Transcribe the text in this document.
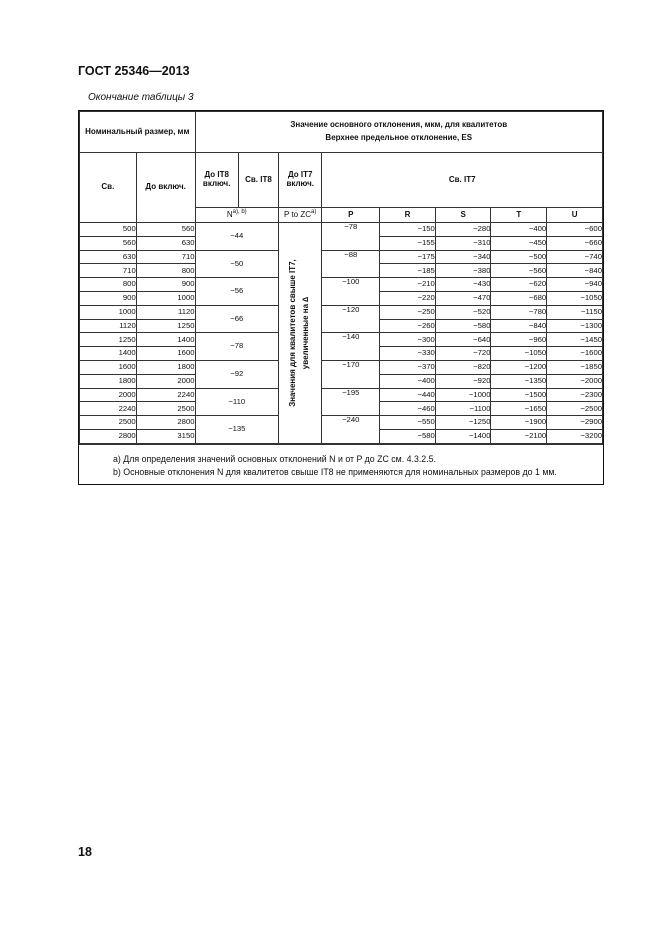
ГОСТ 25346—2013
Окончание таблицы 3
Номинальный размер, мм		Значение основного отклонения, мкм, для квалитетов
Верхнее предельное отклонение, ES							

Св.	До включ.	До IT8 включ.	Св. IT8	До IT7 включ.	Св. IT7				
		$N^{a), b)}$		P to ZC$^{a)}$	P	R	S	T	U
500	560	−44		Значения для квалитетов свыше IT7, увеличенные на ∆	−78	−150	−280	−400	−600
560	630					−155	−310	−450	−660
630	710	−50			−88	−175	−340	−500	−740
710	800					−185	−380	−560	−840
800	900	−56			−100	−210	−430	−620	−940
900	1000					−220	−470	−680	−1050
1000	1120	−66			−120	−250	−520	−780	−1150
1120	1250					−260	−580	−840	−1300
1250	1400	−78			−140	−300	−640	−960	−1450
1400	1600					−330	−720	−1050	−1600
1600	1800	−92			−170	−370	−820	−1200	−1850
1800	2000					−400	−920	−1350	−2000
2000	2240	−110			−195	−440	−1000	−1500	−2300
2240	2500					−460	−1100	−1650	−2500
2500	2800	−135			−240	−550	−1250	−1900	−2900
2800	3150					−580	−1400	−2100	−3200

a) Для определения значений основных отклонений N и от P до ZC см. 4.3.2.5.

b) Основные отклонения N для квалитетов свыше IT8 не применяются для номинальных размеров до 1 мм.

18
